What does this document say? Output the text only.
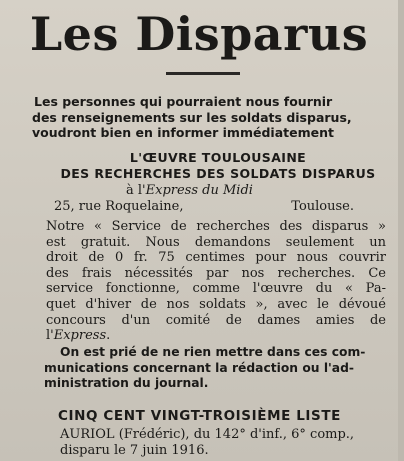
Les Disparus
Les personnes qui pourraient nous fournir
des renseignements sur les soldats disparus,
voudront bien en informer immédiatement
L'ŒUVRE TOULOUSAINE
DES RECHERCHES DES SOLDATS DISPARUS
à l'Express du Midi
25, rue Roquelaine,	Toulouse.
Notre « Service de recherches des disparus »
est gratuit. Nous demandons seulement un
droit de 0 fr. 75 centimes pour nous couvrir
des frais nécessités par nos recherches. Ce
service fonctionne, comme l'œuvre du « Pa-
quet d'hiver de nos soldats », avec le dévoué
concours d'un comité de dames amies de
l'Express.
On est prié de ne rien mettre dans ces com-
munications concernant la rédaction ou l'ad-
ministration du journal.
CINQ CENT VINGT-TROISIÈME LISTE
AURIOL (Frédéric), du 142° d'inf., 6° comp.,
disparu le 7 juin 1916.
